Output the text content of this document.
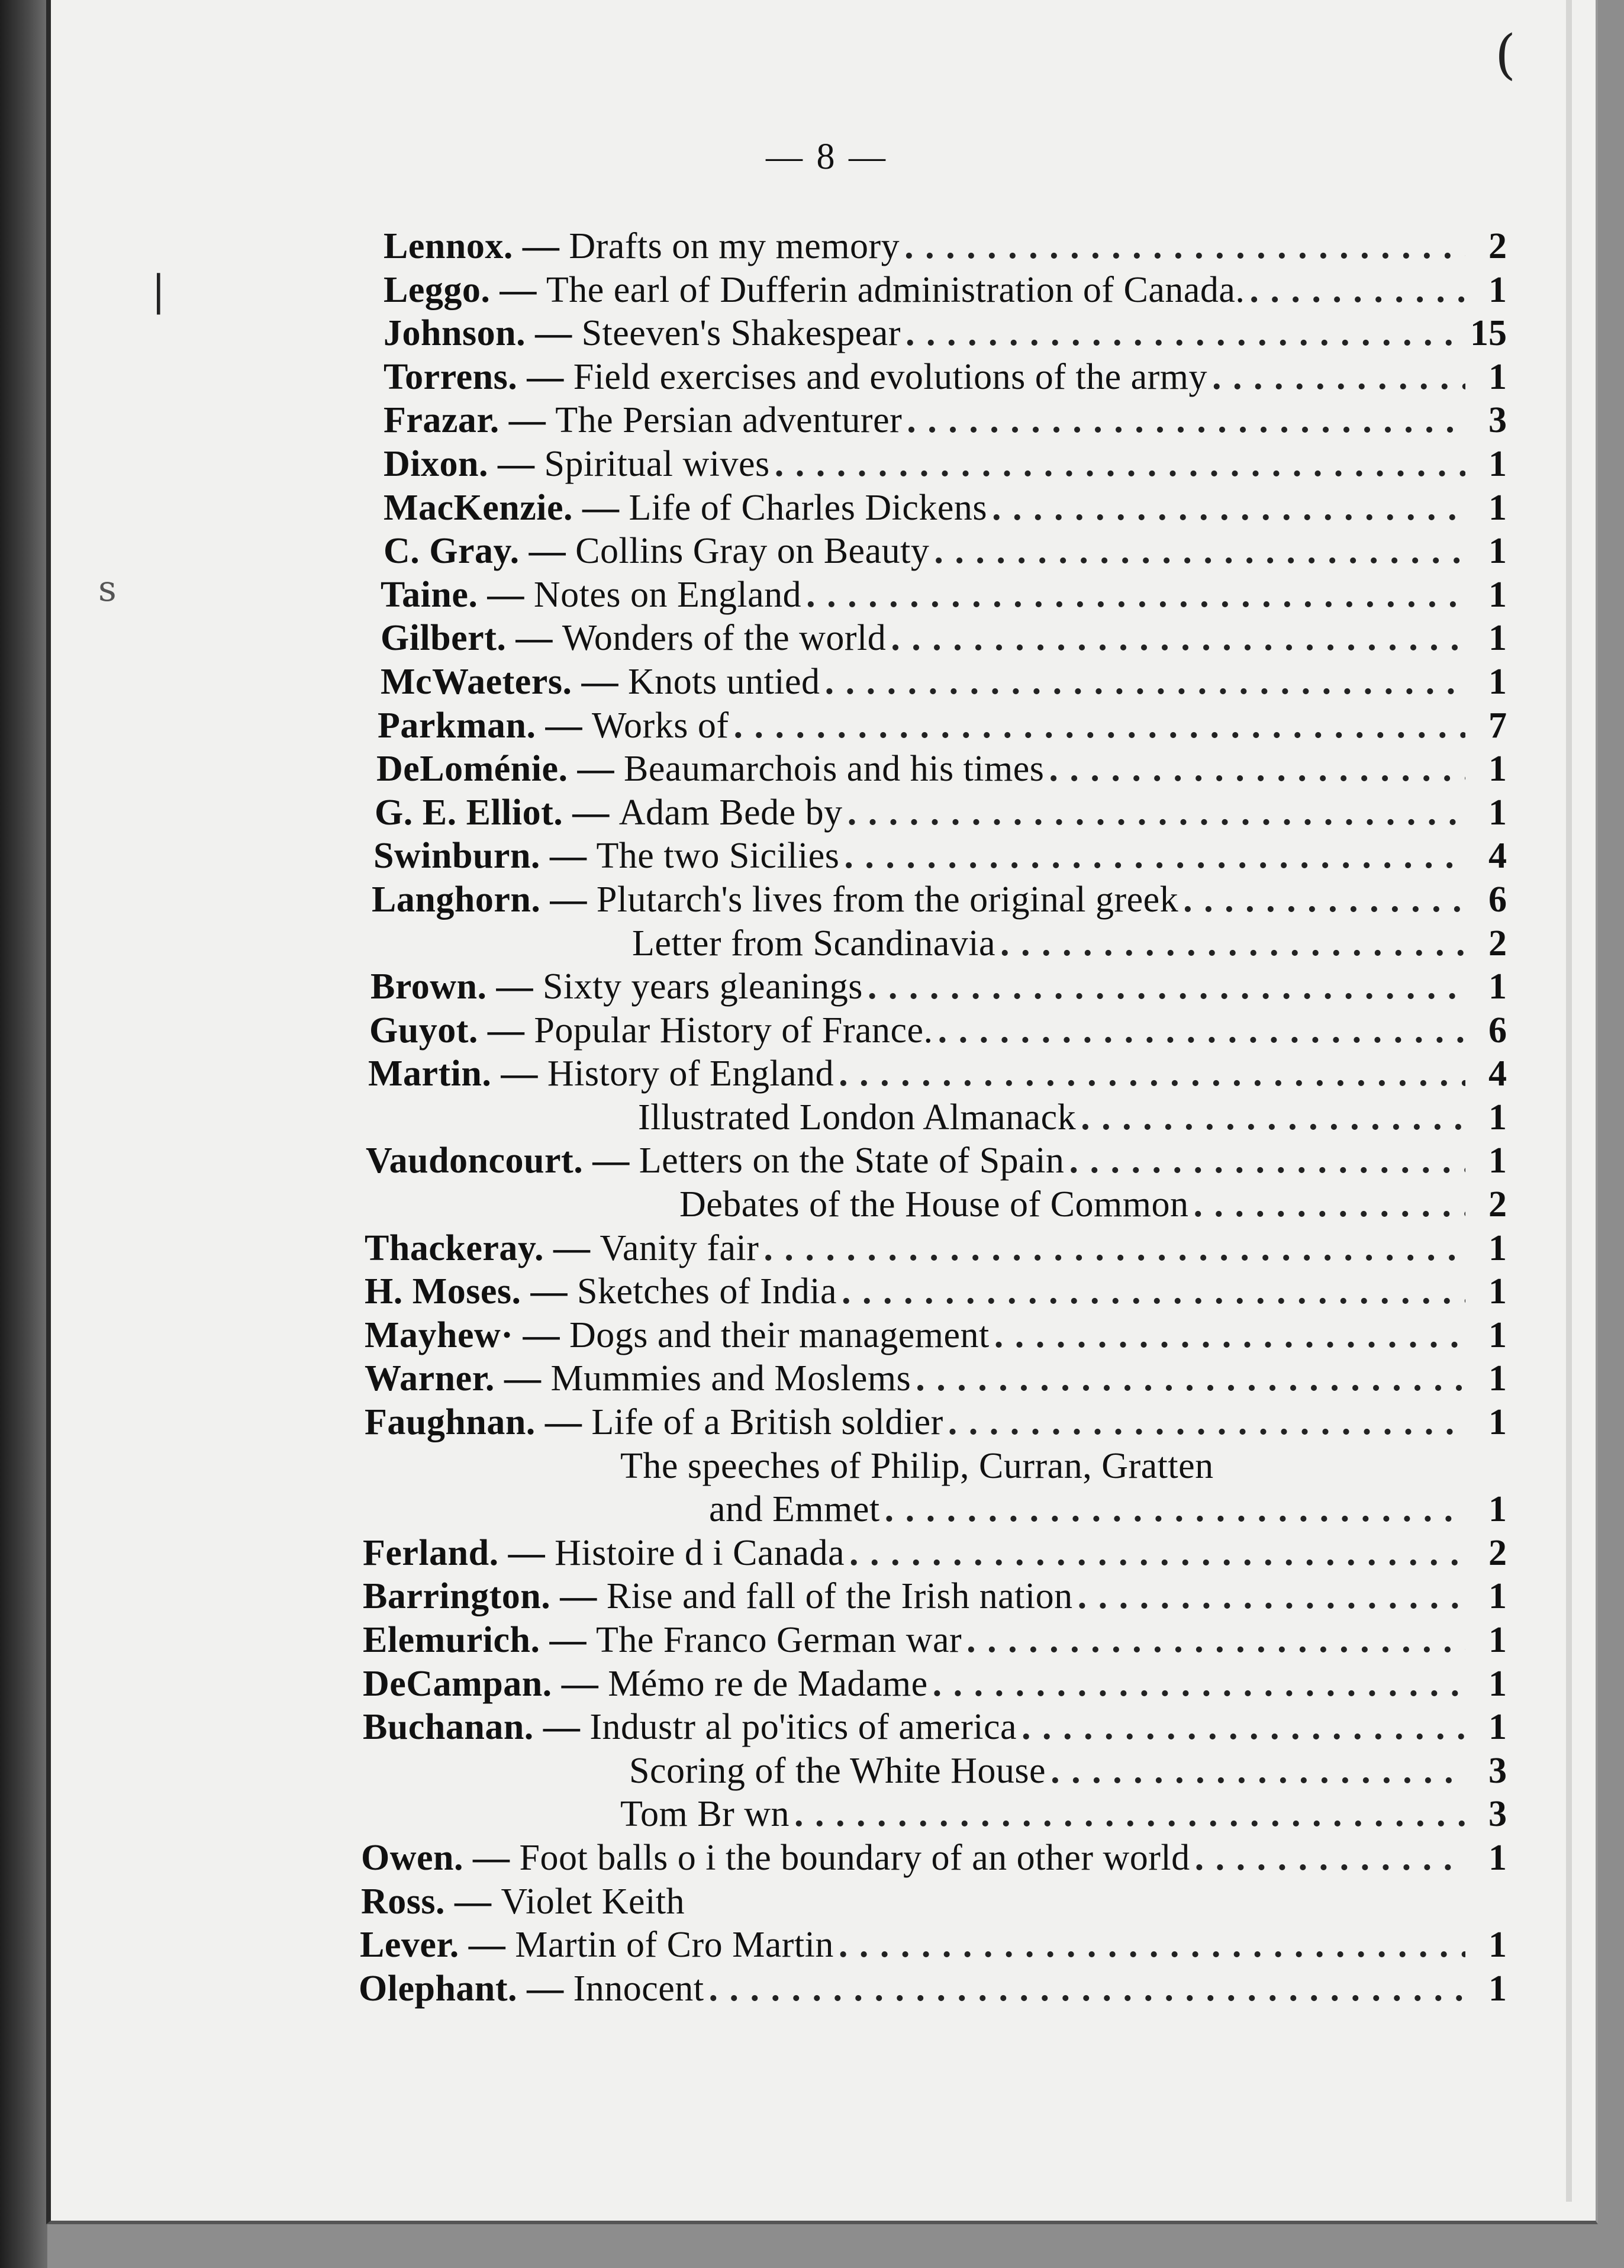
|
s
(
— 8 —
Lennox. — Drafts on my memory . . .	2
Leggo. — The earl of Dufferin administration of Canada. . . .	1
Johnson. — Steeven's Shakespear . . .	15
Torrens. — Field exercises and evolutions of the army . . .	1
Frazar. — The Persian adventurer . . .	3
Dixon. — Spiritual wives . . .	1
MacKenzie. — Life of Charles Dickens . . .	1
C. Gray. — Collins Gray on Beauty . . .	1
Taine. — Notes on England . . .	1
Gilbert. — Wonders of the world . . .	1
McWaeters. — Knots untied . . .	1
Parkman. — Works of . . .	7
DeLoménie. — Beaumarchois and his times . . .	1
G. E. Elliot. — Adam Bede by . . .	1
Swinburn. — The two Sicilies . . .	4
Langhorn. — Plutarch's lives from the original greek . . .	6
Letter from Scandinavia . . .	2
Brown. — Sixty years gleanings . . .	1
Guyot. — Popular History of France. . . .	6
Martin. — History of England . . .	4
Illustrated London Almanack . . .	1
Vaudoncourt. — Letters on the State of Spain . . .	1
Debates of the House of Common . . .	2
Thackeray. — Vanity fair . . .	1
H. Moses. — Sketches of India . . .	1
Mayhew· — Dogs and their management . . .	1
Warner. — Mummies and Moslems . . .	1
Faughnan. — Life of a British soldier . . .	1
The speeches of Philip, Curran, Gratten
and Emmet . . .	1
Ferland. — Histoire d i Canada . . .	2
Barrington. — Rise and fall of the Irish nation . . .	1
Elemurich. — The Franco German war . . .	1
DeCampan. — Mémo re de Madame . . .	1
Buchanan. — Industr al po'itics of america . . .	1
Scoring of the White House . . .	3
Tom Br wn . . .	3
Owen. — Foot balls o i the boundary of an other world . . .	1
Ross. — Violet Keith
Lever. — Martin of Cro Martin . . .	1
Olephant. — Innocent . . .	1
